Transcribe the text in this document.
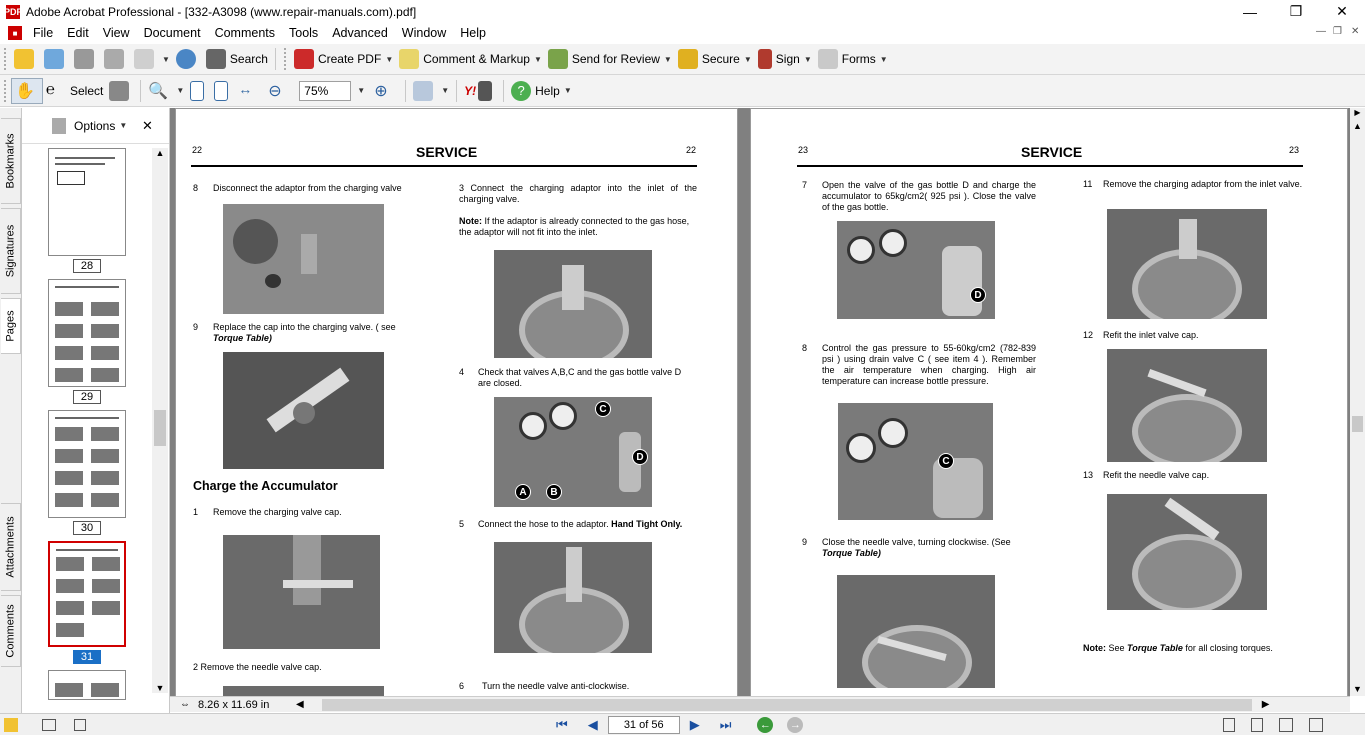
PDF Adobe Acrobat Professional - [332-A3098 (www.repair-manuals.com).pdf]	—	❐	✕
■	File	Edit	View	Document	Comments	Tools	Advanced	Window	Help	— ❐ ✕
▼	Search	Create PDF ▼	Comment & Markup ▼	Send for Review ▼	Secure ▼ Sign ▼	Forms ▼
✋ ℮	Select	🔍 ▼	↔	⊖	75%	▼ ⊕	▼ Y!	? Help ▼
Bookmarks
Signatures
Pages
Attachments
Comments
Options ▼ ✕
28
29
30
31
▲
▼
22	SERVICE	22
8 Disconnect the adaptor from the charging valve
9 Replace the cap into the charging valve. ( see Torque Table)
Charge the Accumulator
1 Remove the charging valve cap.
2 Remove the needle valve cap.
3 Connect the charging adaptor into the inlet of the charging valve.
Note: If the adaptor is already connected to the gas hose, the adaptor will not fit into the inlet.
4 Check that valves A,B,C and the gas bottle valve D are closed.
C
D
A	B
5 Connect the hose to the adaptor. Hand Tight Only.
6 Turn the needle valve anti-clockwise.
23	SERVICE	23
7 Open the valve of the gas bottle D and charge the accumulator to 65kg/cm2( 925 psi ). Close the valve of the gas bottle.
D
8 Control the gas pressure to 55-60kg/cm2 (782-839 psi ) using drain valve C ( see item 4 ). Remember the air temperature when charging. High air temperature can increase bottle pressure.
C
9 Close the needle valve, turning clockwise. (See Torque Table)
11 Remove the charging adaptor from the inlet valve.
12 Refit the inlet valve cap.
13 Refit the needle valve cap.
Note: See Torque Table for all closing torques.
▲
▼
▶
⇔ 8.26 x 11.69 in	◀	▶
⏮ ◀	31 of 56	▶ ⏭	← →
